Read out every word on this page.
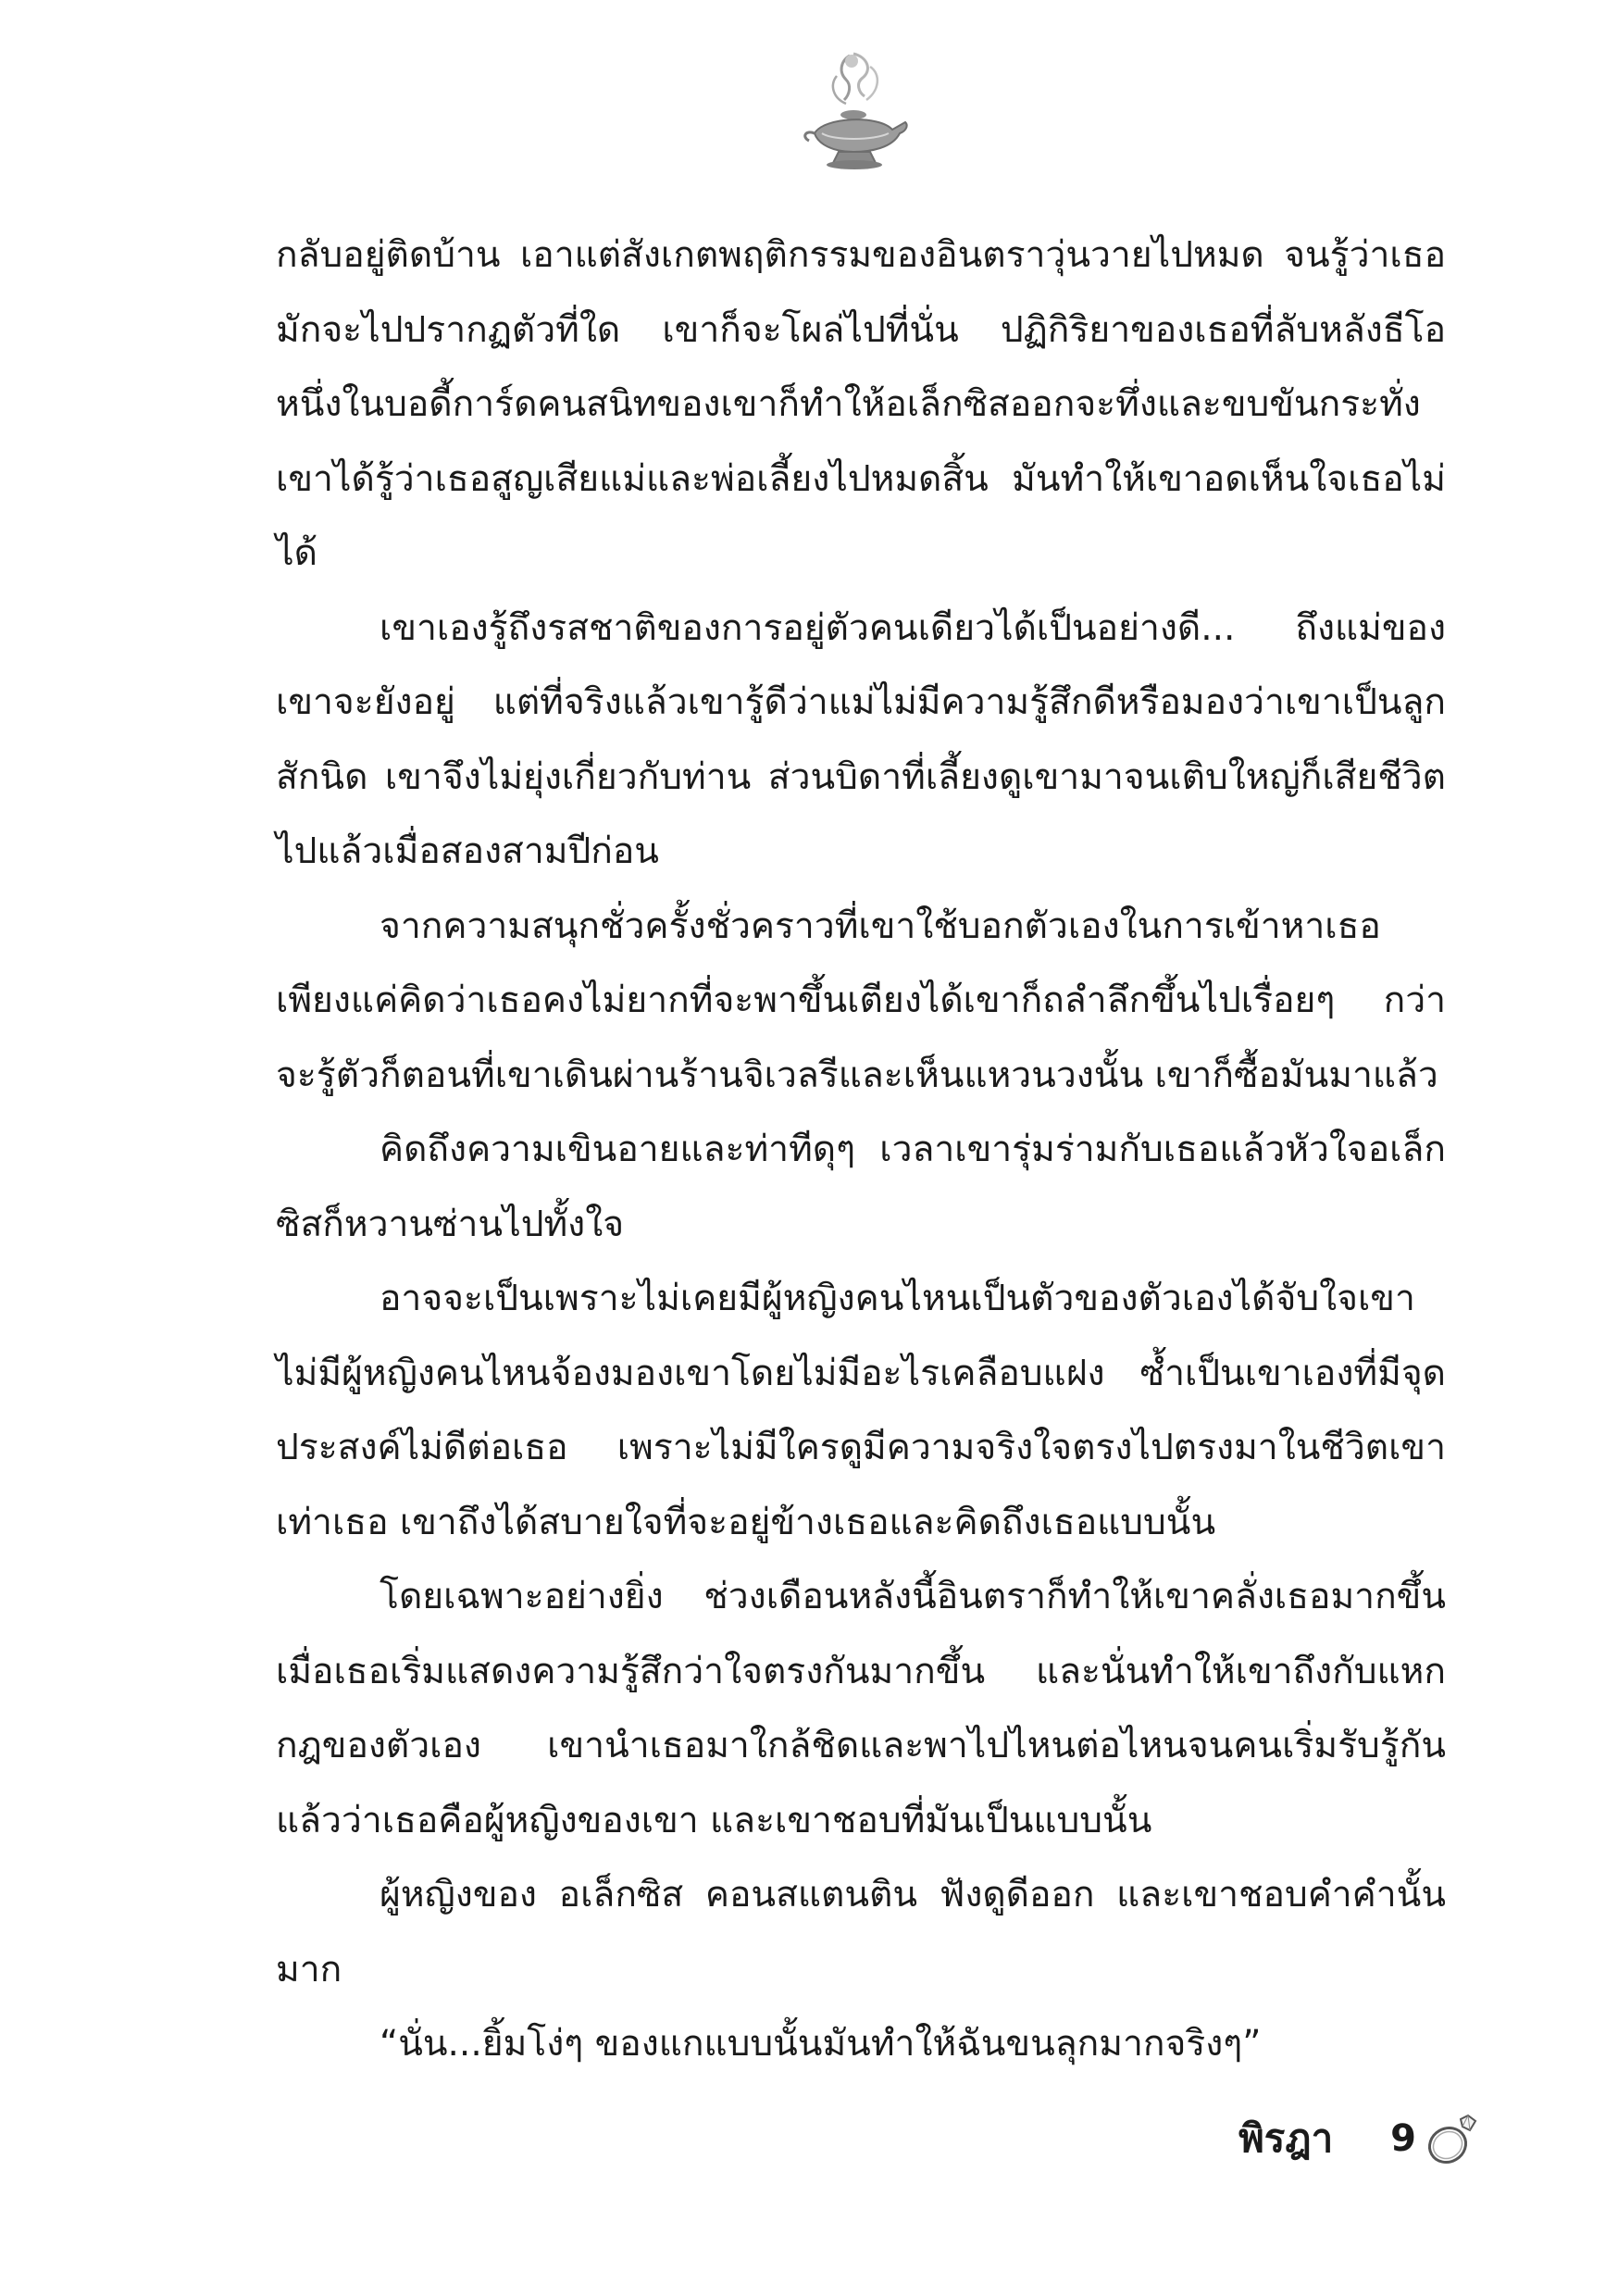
กลับอยู่ติดบ้าน เอาแต่สังเกตพฤติกรรมของอินตราวุ่นวายไปหมด จนรู้ว่าเธอมักจะไปปรากฏตัวที่ใด เขาก็จะโผล่ไปที่นั่น ปฏิกิริยาของเธอที่ลับหลังธีโอ หนึ่งในบอดี้การ์ดคนสนิทของเขาก็ทำให้อเล็กซิสออกจะทึ่งและขบขันกระทั่งเขาได้รู้ว่าเธอสูญเสียแม่และพ่อเลี้ยงไปหมดสิ้น มันทำให้เขาอดเห็นใจเธอไม่ได้

เขาเองรู้ถึงรสชาติของการอยู่ตัวคนเดียวได้เป็นอย่างดี... ถึงแม่ของเขาจะยังอยู่ แต่ที่จริงแล้วเขารู้ดีว่าแม่ไม่มีความรู้สึกดีหรือมองว่าเขาเป็นลูกสักนิด เขาจึงไม่ยุ่งเกี่ยวกับท่าน ส่วนบิดาที่เลี้ยงดูเขามาจนเติบใหญ่ก็เสียชีวิตไปแล้วเมื่อสองสามปีก่อน

จากความสนุกชั่วครั้งชั่วคราวที่เขาใช้บอกตัวเองในการเข้าหาเธอเพียงแค่คิดว่าเธอคงไม่ยากที่จะพาขึ้นเตียงได้เขาก็ถลำลึกขึ้นไปเรื่อยๆ กว่าจะรู้ตัวก็ตอนที่เขาเดินผ่านร้านจิเวลรีและเห็นแหวนวงนั้น เขาก็ซื้อมันมาแล้ว

คิดถึงความเขินอายและท่าทีดุๆ เวลาเขารุ่มร่ามกับเธอแล้วหัวใจอเล็กซิสก็หวานซ่านไปทั้งใจ

อาจจะเป็นเพราะไม่เคยมีผู้หญิงคนไหนเป็นตัวของตัวเองได้จับใจเขา ไม่มีผู้หญิงคนไหนจ้องมองเขาโดยไม่มีอะไรเคลือบแฝง ซ้ำเป็นเขาเองที่มีจุดประสงค์ไม่ดีต่อเธอ เพราะไม่มีใครดูมีความจริงใจตรงไปตรงมาในชีวิตเขาเท่าเธอ เขาถึงได้สบายใจที่จะอยู่ข้างเธอและคิดถึงเธอแบบนั้น

โดยเฉพาะอย่างยิ่ง ช่วงเดือนหลังนี้อินตราก็ทำให้เขาคลั่งเธอมากขึ้นเมื่อเธอเริ่มแสดงความรู้สึกว่าใจตรงกันมากขึ้น และนั่นทำให้เขาถึงกับแหกกฎของตัวเอง เขานำเธอมาใกล้ชิดและพาไปไหนต่อไหนจนคนเริ่มรับรู้กันแล้วว่าเธอคือผู้หญิงของเขา และเขาชอบที่มันเป็นแบบนั้น

ผู้หญิงของ อเล็กซิส คอนสแตนติน ฟังดูดีออก และเขาชอบคำคำนั้นมาก

“นั่น...ยิ้มโง่ๆ ของแกแบบนั้นมันทำให้ฉันขนลุกมากจริงๆ”

พิรฎา 9
